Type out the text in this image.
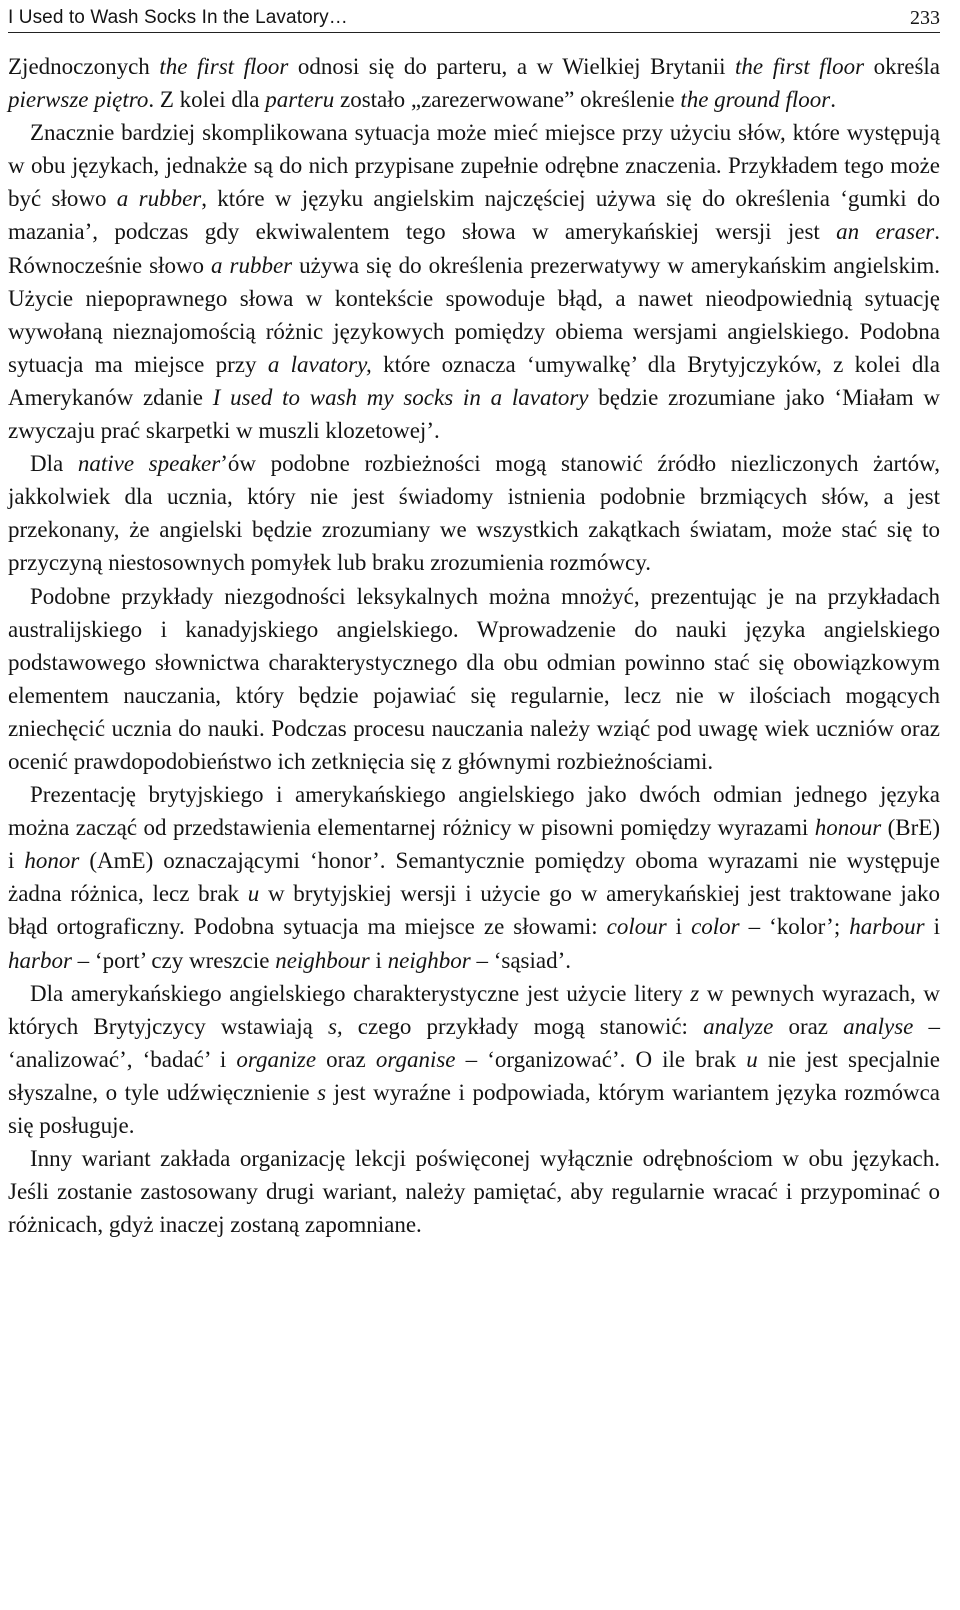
I Used to Wash Socks In the Lavatory…	233

Zjednoczonych the first floor odnosi się do parteru, a w Wielkiej Brytanii the first floor określa pierwsze piętro. Z kolei dla parteru zostało „zarezerwowane” określenie the ground floor.

Znacznie bardziej skomplikowana sytuacja może mieć miejsce przy użyciu słów, które występują w obu językach, jednakże są do nich przypisane zupełnie odrębne znaczenia. Przykładem tego może być słowo a rubber, które w języku angielskim najczęściej używa się do określenia ‘gumki do mazania’, podczas gdy ekwiwalentem tego słowa w amerykańskiej wersji jest an eraser. Równocześnie słowo a rubber używa się do określenia prezerwatywy w amerykańskim angielskim. Użycie niepoprawnego słowa w kontekście spowoduje błąd, a nawet nieodpowiednią sytuację wywołaną nieznajomością różnic językowych pomiędzy obiema wersjami angielskiego. Podobna sytuacja ma miejsce przy a lavatory, które oznacza ‘umywalkę’ dla Brytyjczyków, z kolei dla Amerykanów zdanie I used to wash my socks in a lavatory będzie zrozumiane jako ‘Miałam w zwyczaju prać skarpetki w muszli klozetowej’.

Dla native speaker’ów podobne rozbieżności mogą stanowić źródło niezliczonych żartów, jakkolwiek dla ucznia, który nie jest świadomy istnienia podobnie brzmiących słów, a jest przekonany, że angielski będzie zrozumiany we wszystkich zakątkach światam, może stać się to przyczyną niestosownych pomyłek lub braku zrozumienia rozmówcy.

Podobne przykłady niezgodności leksykalnych można mnożyć, prezentując je na przykładach australijskiego i kanadyjskiego angielskiego. Wprowadzenie do nauki języka angielskiego podstawowego słownictwa charakterystycznego dla obu odmian powinno stać się obowiązkowym elementem nauczania, który będzie pojawiać się regularnie, lecz nie w ilościach mogących zniechęcić ucznia do nauki. Podczas procesu nauczania należy wziąć pod uwagę wiek uczniów oraz ocenić prawdopodobieństwo ich zetknięcia się z głównymi rozbieżnościami.

Prezentację brytyjskiego i amerykańskiego angielskiego jako dwóch odmian jednego języka można zacząć od przedstawienia elementarnej różnicy w pisowni pomiędzy wyrazami honour (BrE) i honor (AmE) oznaczającymi ‘honor’. Semantycznie pomiędzy oboma wyrazami nie występuje żadna różnica, lecz brak u w brytyjskiej wersji i użycie go w amerykańskiej jest traktowane jako błąd ortograficzny. Podobna sytuacja ma miejsce ze słowami: colour i color – ‘kolor’; harbour i harbor – ‘port’ czy wreszcie neighbour i neighbor – ‘sąsiad’.

Dla amerykańskiego angielskiego charakterystyczne jest użycie litery z w pewnych wyrazach, w których Brytyjczycy wstawiają s, czego przykłady mogą stanowić: analyze oraz analyse – ‘analizować’, ‘badać’ i organize oraz organise – ‘organizować’. O ile brak u nie jest specjalnie słyszalne, o tyle udźwięcznienie s jest wyraźne i podpowiada, którym wariantem języka rozmówca się posługuje.

Inny wariant zakłada organizację lekcji poświęconej wyłącznie odrębnościom w obu językach. Jeśli zostanie zastosowany drugi wariant, należy pamiętać, aby regularnie wracać i przypominać o różnicach, gdyż inaczej zostaną zapomniane.
